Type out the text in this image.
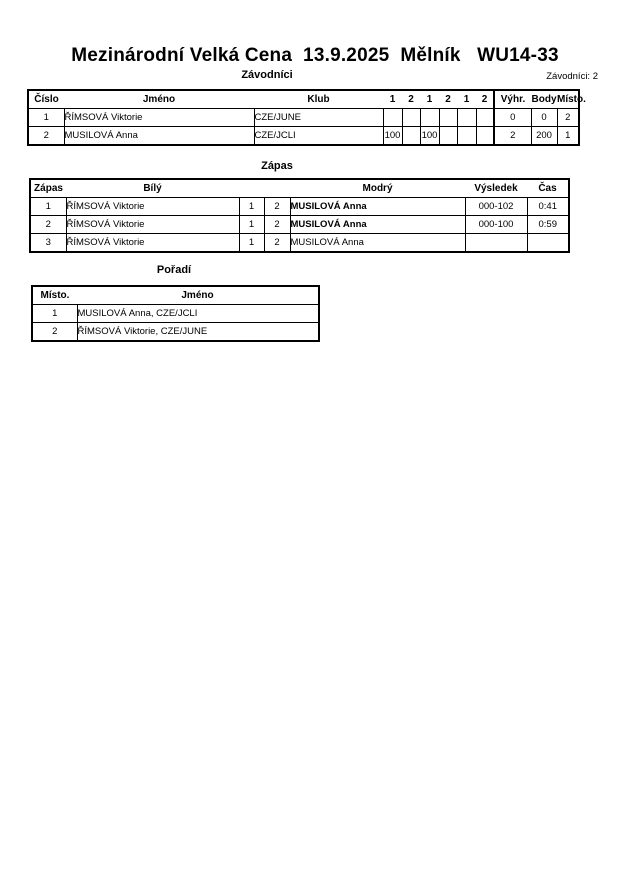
Mezinárodní Velká Cena  13.9.2025  Mělník   WU14-33
Závodníci	Závodníci: 2
Číslo	Jméno	Klub	1	2	1	2	1	2	Výhr.	Body	Místo.
1	ŘÍMSOVÁ Viktorie	CZE/JUNE							0	0	2
2	MUSILOVÁ Anna	CZE/JCLI	100		100				2	200	1
Zápas
Zápas	Bílý			Modrý	Výsledek	Čas
1	ŘÍMSOVÁ Viktorie	1	2	MUSILOVÁ Anna	000-102	0:41
2	ŘÍMSOVÁ Viktorie	1	2	MUSILOVÁ Anna	000-100	0:59
3	ŘÍMSOVÁ Viktorie	1	2	MUSILOVÁ Anna		
Pořadí
Místo.	Jméno
1	MUSILOVÁ Anna, CZE/JCLI
2	ŘÍMSOVÁ Viktorie, CZE/JUNE
